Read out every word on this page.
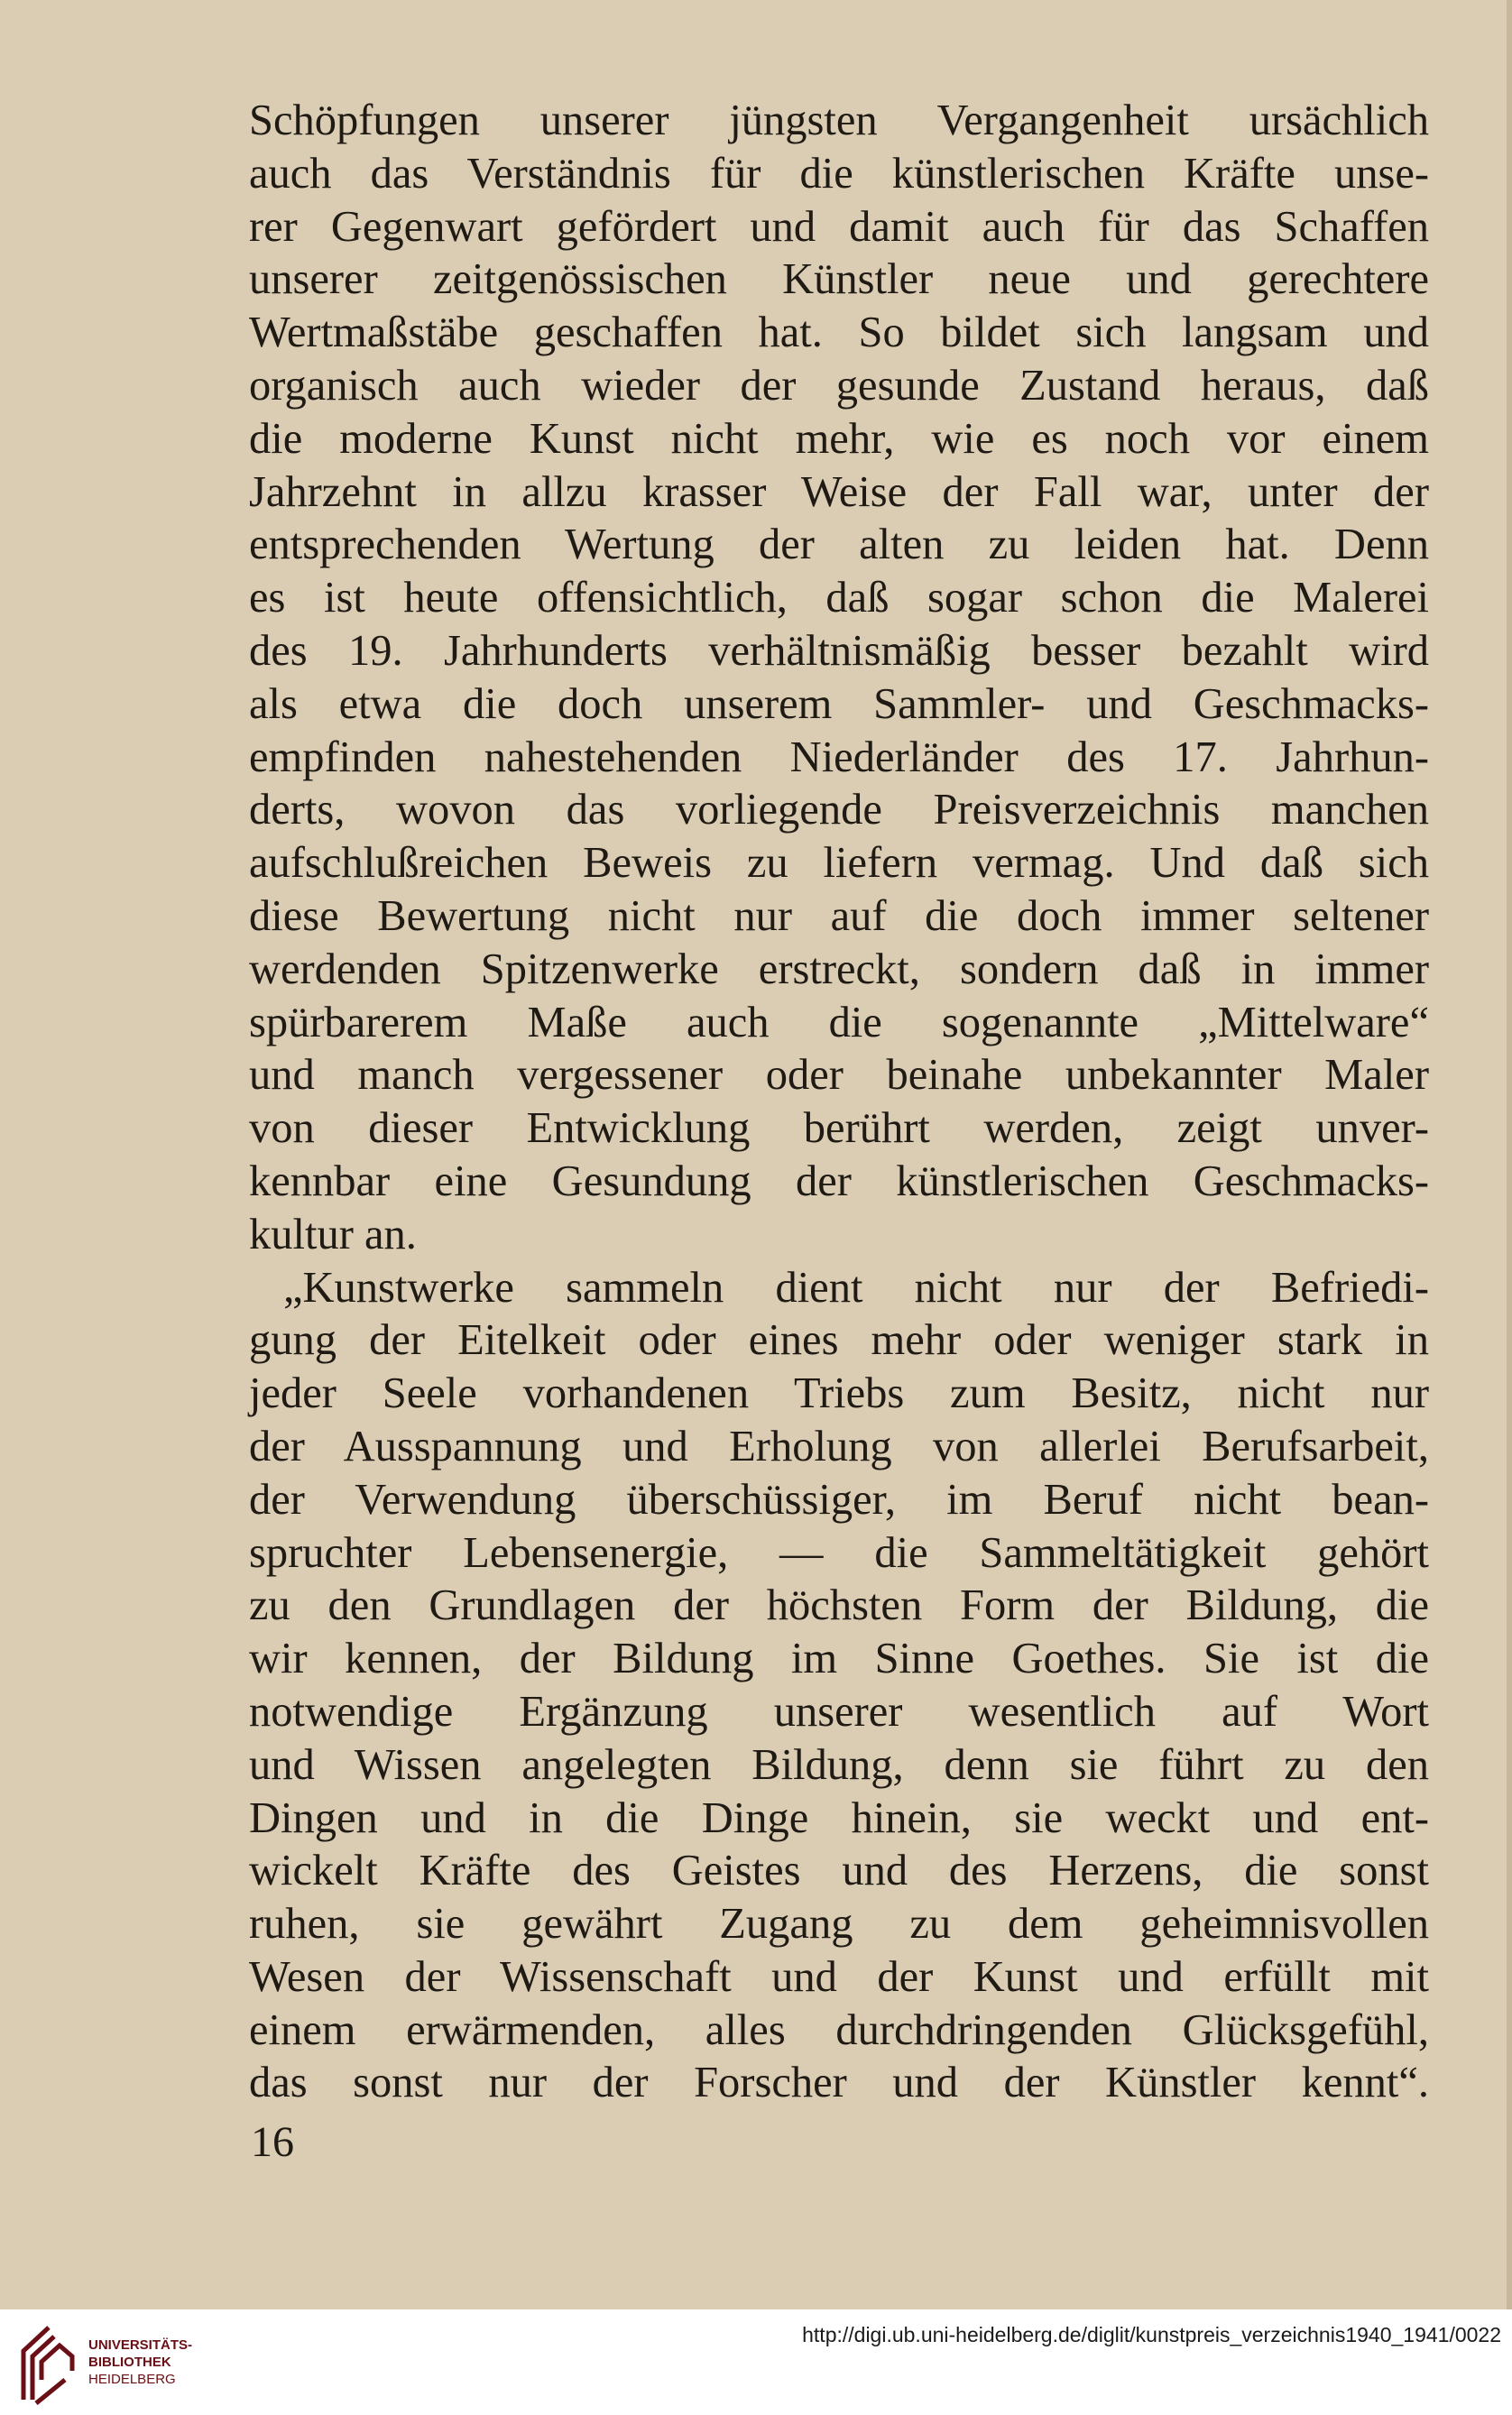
Schöpfungen unserer jüngsten Vergangenheit ursächlich
auch das Verständnis für die künstlerischen Kräfte unse-
rer Gegenwart gefördert und damit auch für das Schaffen
unserer zeitgenössischen Künstler neue und gerechtere
Wertmaßstäbe geschaffen hat. So bildet sich langsam und
organisch auch wieder der gesunde Zustand heraus, daß
die moderne Kunst nicht mehr, wie es noch vor einem
Jahrzehnt in allzu krasser Weise der Fall war, unter der
entsprechenden Wertung der alten zu leiden hat. Denn
es ist heute offensichtlich, daß sogar schon die Malerei
des 19. Jahrhunderts verhältnismäßig besser bezahlt wird
als etwa die doch unserem Sammler- und Geschmacks-
empfinden nahestehenden Niederländer des 17. Jahrhun-
derts, wovon das vorliegende Preisverzeichnis manchen
aufschlußreichen Beweis zu liefern vermag. Und daß sich
diese Bewertung nicht nur auf die doch immer seltener
werdenden Spitzenwerke erstreckt, sondern daß in immer
spürbarerem Maße auch die sogenannte „Mittelware“
und manch vergessener oder beinahe unbekannter Maler
von dieser Entwicklung berührt werden, zeigt unver-
kennbar eine Gesundung der künstlerischen Geschmacks-
kultur an.
„Kunstwerke sammeln dient nicht nur der Befriedi-
gung der Eitelkeit oder eines mehr oder weniger stark in
jeder Seele vorhandenen Triebs zum Besitz, nicht nur
der Ausspannung und Erholung von allerlei Berufsarbeit,
der Verwendung überschüssiger, im Beruf nicht bean-
spruchter Lebensenergie, — die Sammeltätigkeit gehört
zu den Grundlagen der höchsten Form der Bildung, die
wir kennen, der Bildung im Sinne Goethes. Sie ist die
notwendige Ergänzung unserer wesentlich auf Wort
und Wissen angelegten Bildung, denn sie führt zu den
Dingen und in die Dinge hinein, sie weckt und ent-
wickelt Kräfte des Geistes und des Herzens, die sonst
ruhen, sie gewährt Zugang zu dem geheimnisvollen
Wesen der Wissenschaft und der Kunst und erfüllt mit
einem erwärmenden, alles durchdringenden Glücksgefühl,
das sonst nur der Forscher und der Künstler kennt“.
16
UNIVERSITÄTS-
BIBLIOTHEK
HEIDELBERG
http://digi.ub.uni-heidelberg.de/diglit/kunstpreis_verzeichnis1940_1941/0022
